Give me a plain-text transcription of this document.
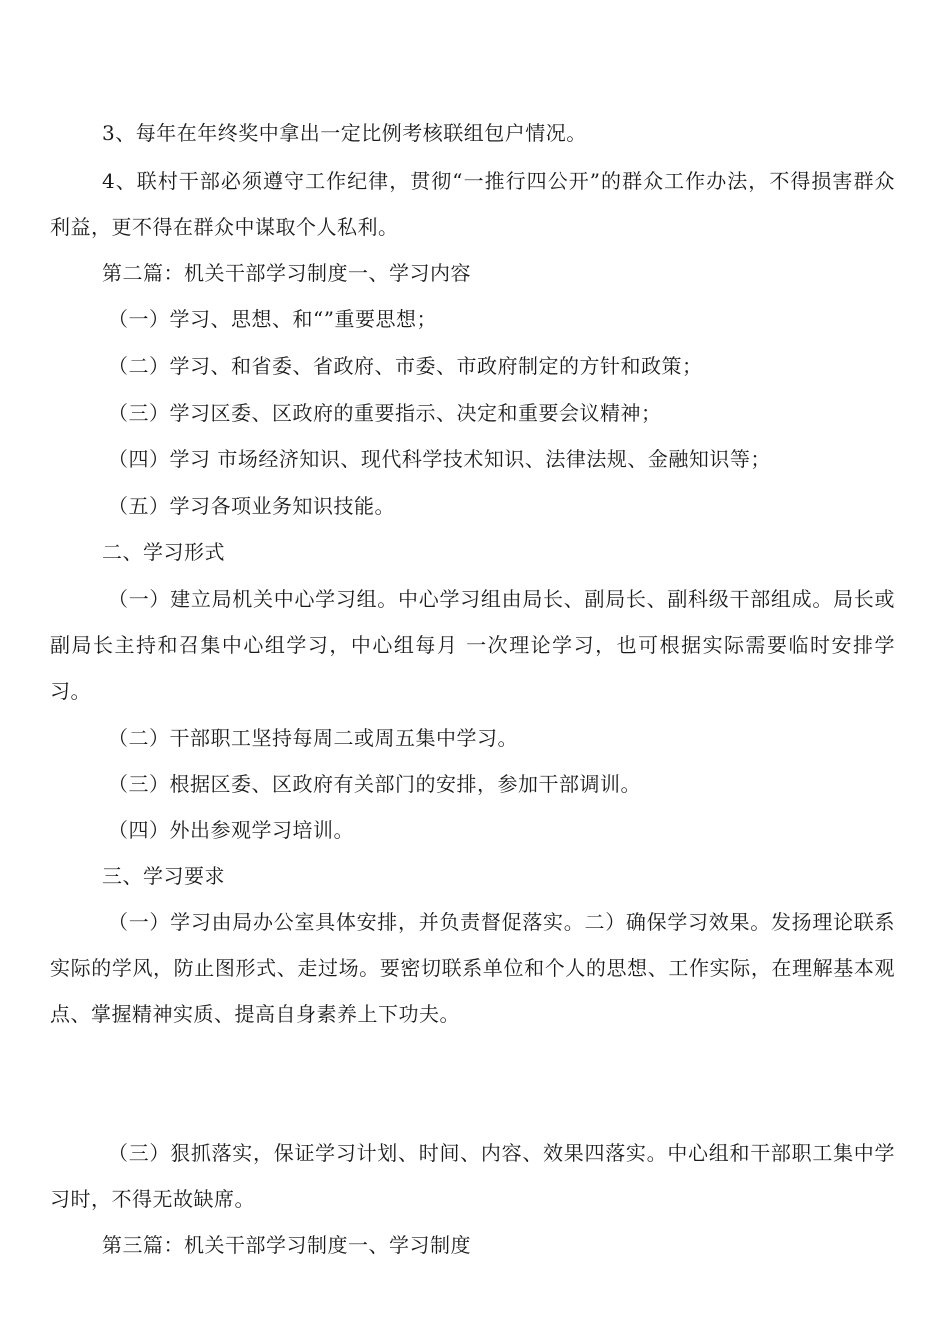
3、每年在年终奖中拿出一定比例考核联组包户情况。

4、联村干部必须遵守工作纪律，贯彻“一推行四公开”的群众工作办法，不得损害群众利益，更不得在群众中谋取个人私利。

第二篇：机关干部学习制度一、学习内容

（一）学习、思想、和“”重要思想；

（二）学习、和省委、省政府、市委、市政府制定的方针和政策；

（三）学习区委、区政府的重要指示、决定和重要会议精神；

（四）学习 市场经济知识、现代科学技术知识、法律法规、金融知识等；

（五）学习各项业务知识技能。

二、学习形式

（一）建立局机关中心学习组。中心学习组由局长、副局长、副科级干部组成。局长或副局长主持和召集中心组学习，中心组每月 一次理论学习，也可根据实际需要临时安排学习。

（二）干部职工坚持每周二或周五集中学习。

（三）根据区委、区政府有关部门的安排，参加干部调训。

（四）外出参观学习培训。

三、学习要求

（一）学习由局办公室具体安排，并负责督促落实。二）确保学习效果。发扬理论联系实际的学风，防止图形式、走过场。要密切联系单位和个人的思想、工作实际，在理解基本观点、掌握精神实质、提高自身素养上下功夫。

（三）狠抓落实，保证学习计划、时间、内容、效果四落实。中心组和干部职工集中学习时，不得无故缺席。

第三篇：机关干部学习制度一、学习制度
